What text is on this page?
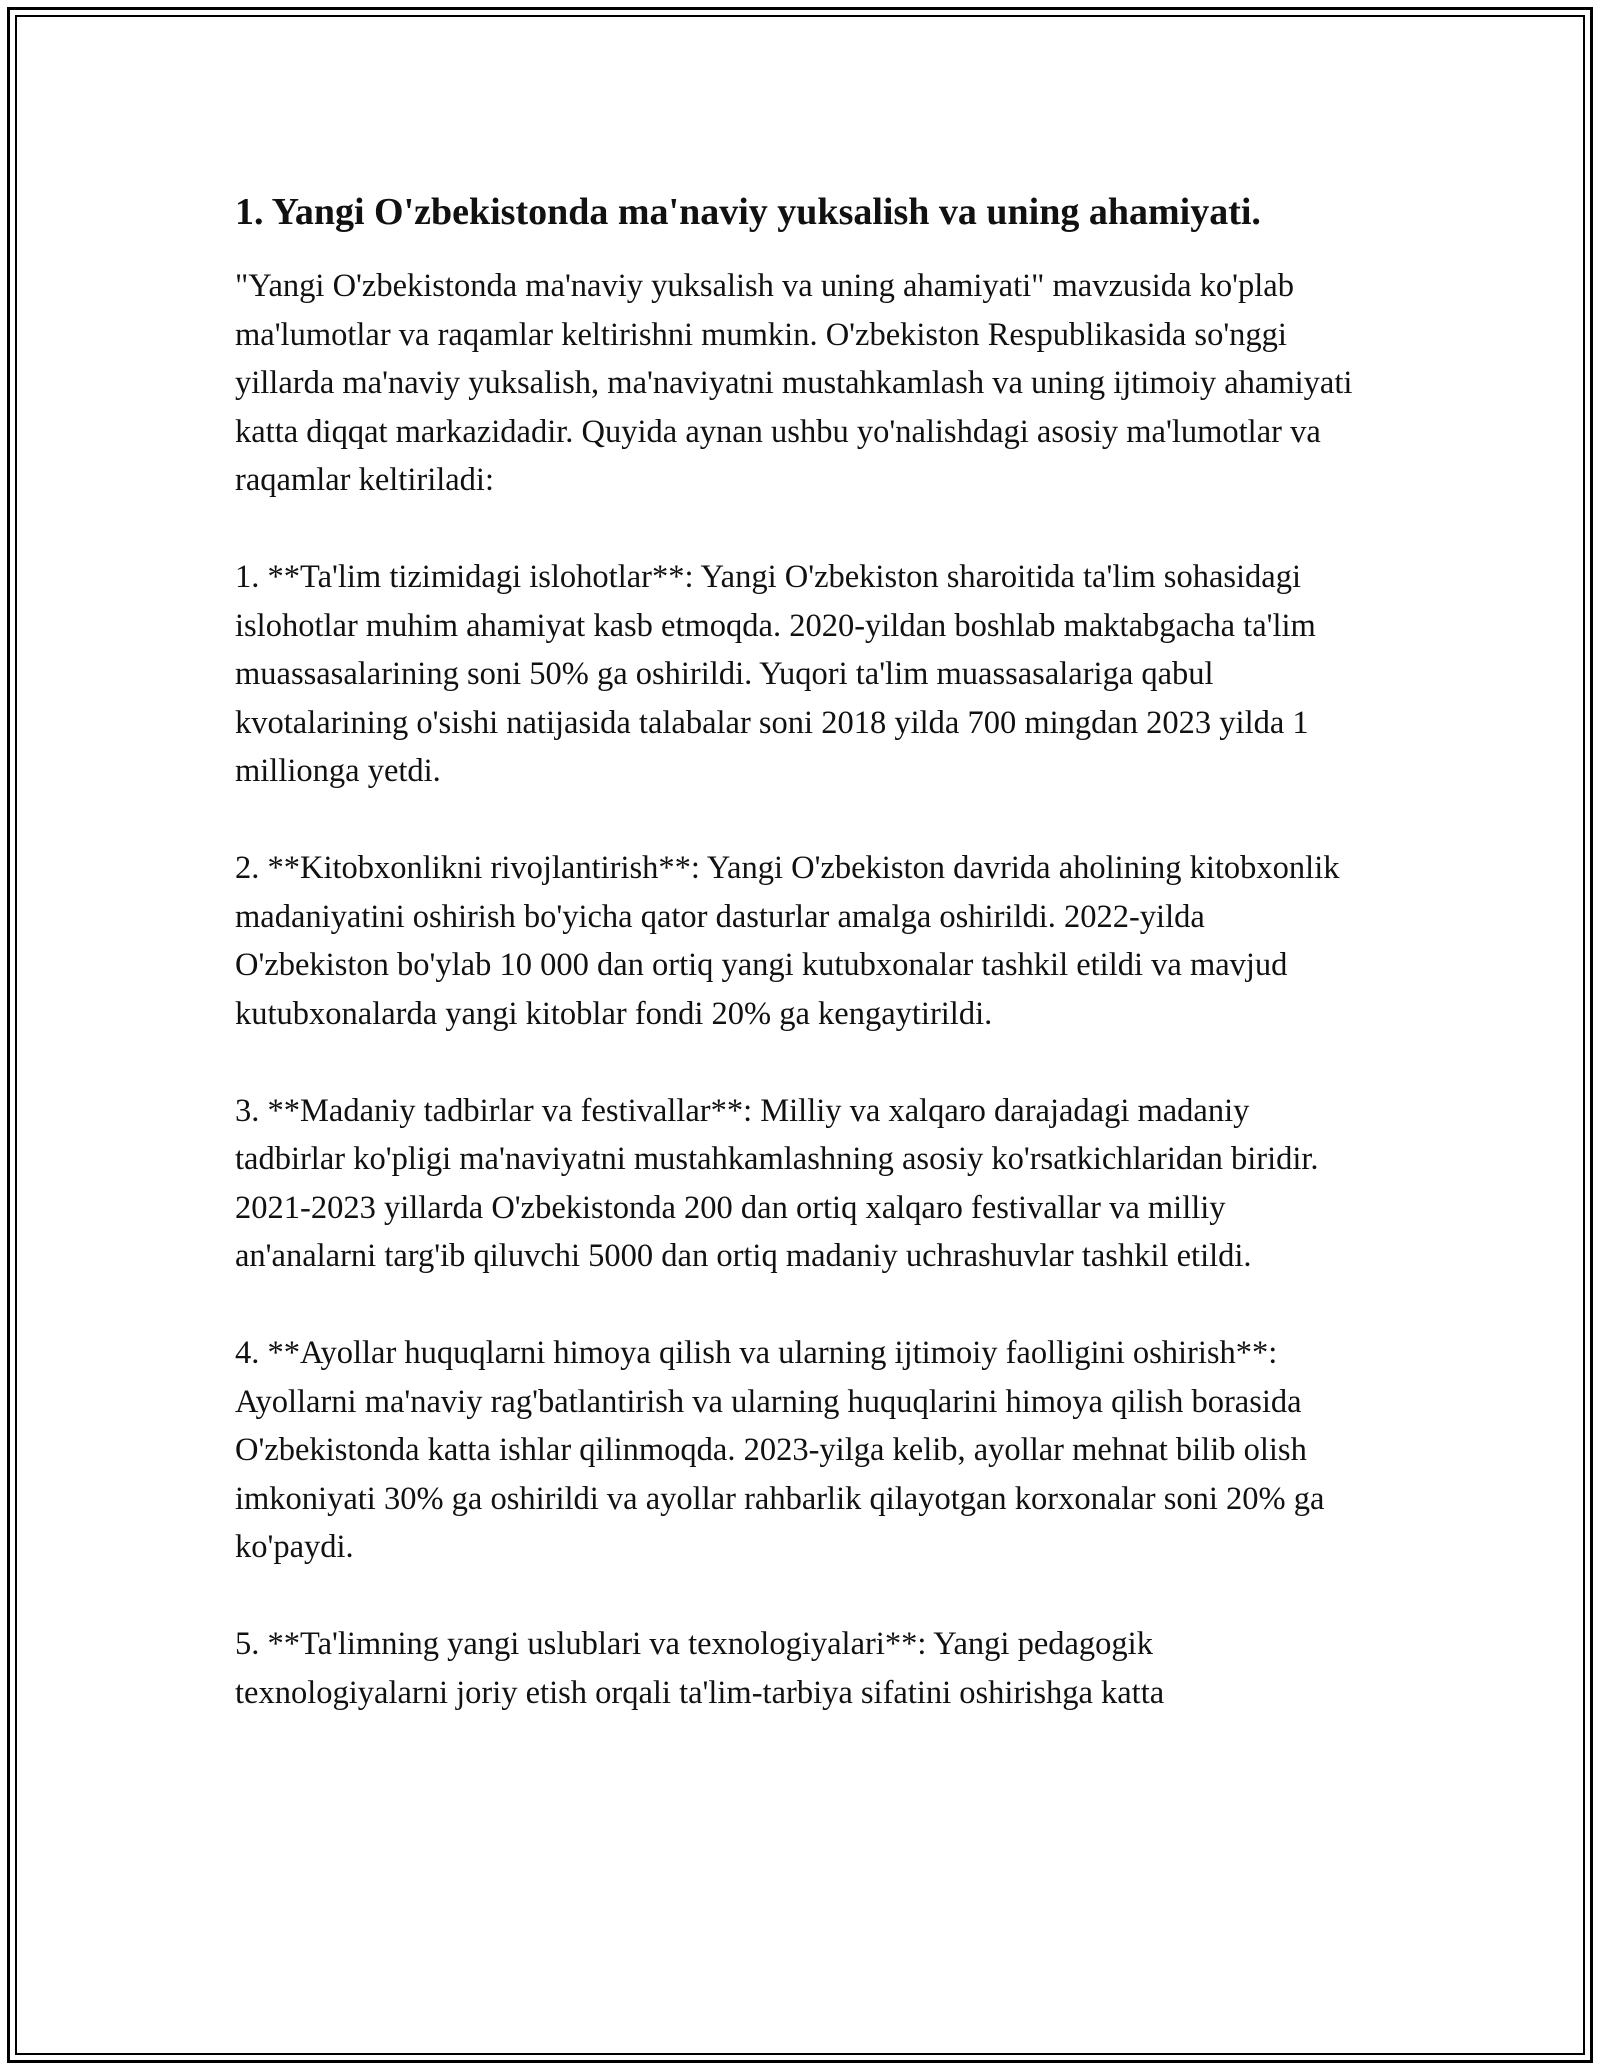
1. Yangi O'zbekistonda ma'naviy yuksalish va uning ahamiyati.

"Yangi O'zbekistonda ma'naviy yuksalish va uning ahamiyati" mavzusida ko'plab ma'lumotlar va raqamlar keltirishni mumkin. O'zbekiston Respublikasida so'nggi yillarda ma'naviy yuksalish, ma'naviyatni mustahkamlash va uning ijtimoiy ahamiyati katta diqqat markazidadir. Quyida aynan ushbu yo'nalishdagi asosiy ma'lumotlar va raqamlar keltiriladi:

1. **Ta'lim tizimidagi islohotlar**: Yangi O'zbekiston sharoitida ta'lim sohasidagi islohotlar muhim ahamiyat kasb etmoqda. 2020-yildan boshlab maktabgacha ta'lim muassasalarining soni 50% ga oshirildi. Yuqori ta'lim muassasalariga qabul kvotalarining o'sishi natijasida talabalar soni 2018 yilda 700 mingdan 2023 yilda 1 millionga yetdi.

2. **Kitobxonlikni rivojlantirish**: Yangi O'zbekiston davrida aholining kitobxonlik madaniyatini oshirish bo'yicha qator dasturlar amalga oshirildi. 2022-yilda O'zbekiston bo'ylab 10 000 dan ortiq yangi kutubxonalar tashkil etildi va mavjud kutubxonalarda yangi kitoblar fondi 20% ga kengaytirildi.

3. **Madaniy tadbirlar va festivallar**: Milliy va xalqaro darajadagi madaniy tadbirlar ko'pligi ma'naviyatni mustahkamlashning asosiy ko'rsatkichlaridan biridir. 2021-2023 yillarda O'zbekistonda 200 dan ortiq xalqaro festivallar va milliy an'analarni targ'ib qiluvchi 5000 dan ortiq madaniy uchrashuvlar tashkil etildi.

4. **Ayollar huquqlarni himoya qilish va ularning ijtimoiy faolligini oshirish**: Ayollarni ma'naviy rag'batlantirish va ularning huquqlarini himoya qilish borasida O'zbekistonda katta ishlar qilinmoqda. 2023-yilga kelib, ayollar mehnat bilib olish imkoniyati 30% ga oshirildi va ayollar rahbarlik qilayotgan korxonalar soni 20% ga ko'paydi.

5. **Ta'limning yangi uslublari va texnologiyalari**: Yangi pedagogik texnologiyalarni joriy etish orqali ta'lim-tarbiya sifatini oshirishga katta
